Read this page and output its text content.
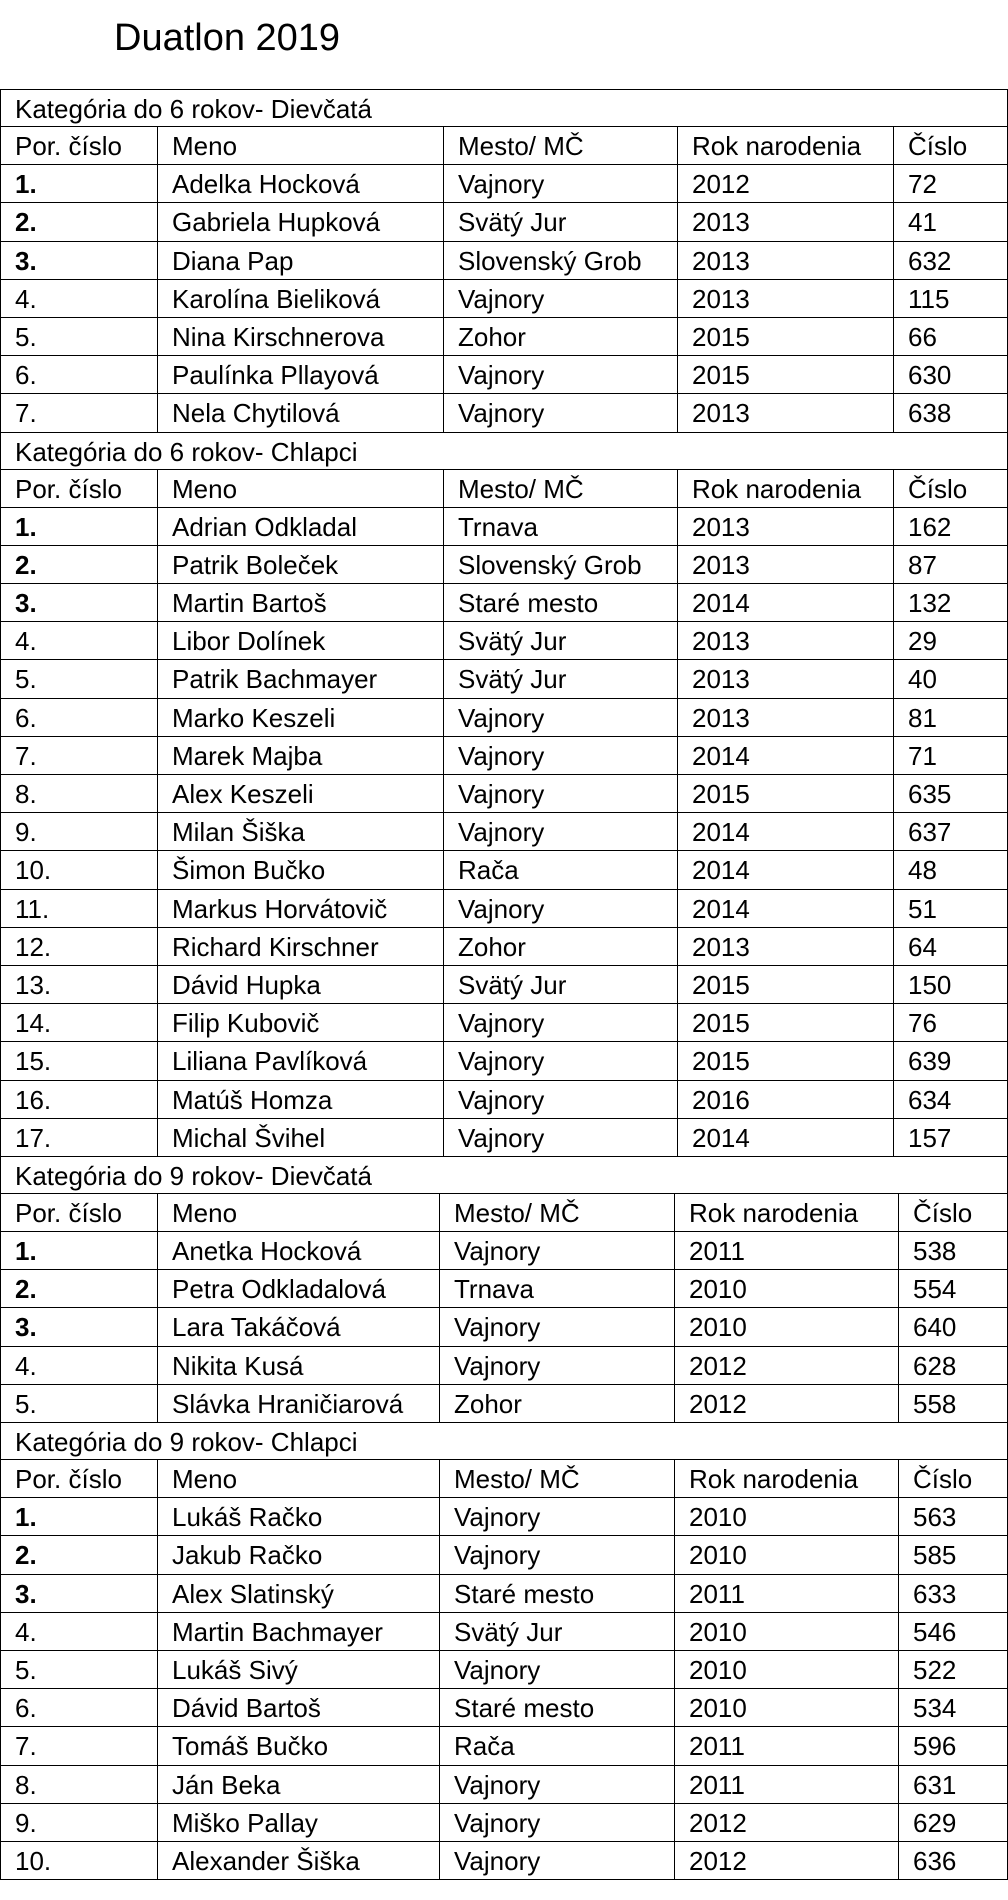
Duatlon 2019
Kategória do 6 rokov- Dievčatá
Por. číslo	Meno	Mesto/ MČ	Rok narodenia	Číslo
1.	Adelka Hocková	Vajnory	2012	72
2.	Gabriela Hupková	Svätý Jur	2013	41
3.	Diana Pap	Slovenský Grob	2013	632
4.	Karolína Bieliková	Vajnory	2013	115
5.	Nina Kirschnerova	Zohor	2015	66
6.	Paulínka Pllayová	Vajnory	2015	630
7.	Nela Chytilová	Vajnory	2013	638
Kategória do 6 rokov- Chlapci
Por. číslo	Meno	Mesto/ MČ	Rok narodenia	Číslo
1.	Adrian Odkladal	Trnava	2013	162
2.	Patrik Boleček	Slovenský Grob	2013	87
3.	Martin Bartoš	Staré mesto	2014	132
4.	Libor Dolínek	Svätý Jur	2013	29
5.	Patrik Bachmayer	Svätý Jur	2013	40
6.	Marko Keszeli	Vajnory	2013	81
7.	Marek Majba	Vajnory	2014	71
8.	Alex Keszeli	Vajnory	2015	635
9.	Milan Šiška	Vajnory	2014	637
10.	Šimon Bučko	Rača	2014	48
11.	Markus Horvátovič	Vajnory	2014	51
12.	Richard Kirschner	Zohor	2013	64
13.	Dávid Hupka	Svätý Jur	2015	150
14.	Filip Kubovič	Vajnory	2015	76
15.	Liliana Pavlíková	Vajnory	2015	639
16.	Matúš Homza	Vajnory	2016	634
17.	Michal Švihel	Vajnory	2014	157
Kategória do 9 rokov- Dievčatá
Por. číslo	Meno	Mesto/ MČ	Rok narodenia	Číslo
1.	Anetka Hocková	Vajnory	2011	538
2.	Petra Odkladalová	Trnava	2010	554
3.	Lara Takáčová	Vajnory	2010	640
4.	Nikita Kusá	Vajnory	2012	628
5.	Slávka Hraničiarová	Zohor	2012	558
Kategória do 9 rokov- Chlapci
Por. číslo	Meno	Mesto/ MČ	Rok narodenia	Číslo
1.	Lukáš Račko	Vajnory	2010	563
2.	Jakub Račko	Vajnory	2010	585
3.	Alex Slatinský	Staré mesto	2011	633
4.	Martin Bachmayer	Svätý Jur	2010	546
5.	Lukáš Sivý	Vajnory	2010	522
6.	Dávid Bartoš	Staré mesto	2010	534
7.	Tomáš Bučko	Rača	2011	596
8.	Ján Beka	Vajnory	2011	631
9.	Miško Pallay	Vajnory	2012	629
10.	Alexander Šiška	Vajnory	2012	636
